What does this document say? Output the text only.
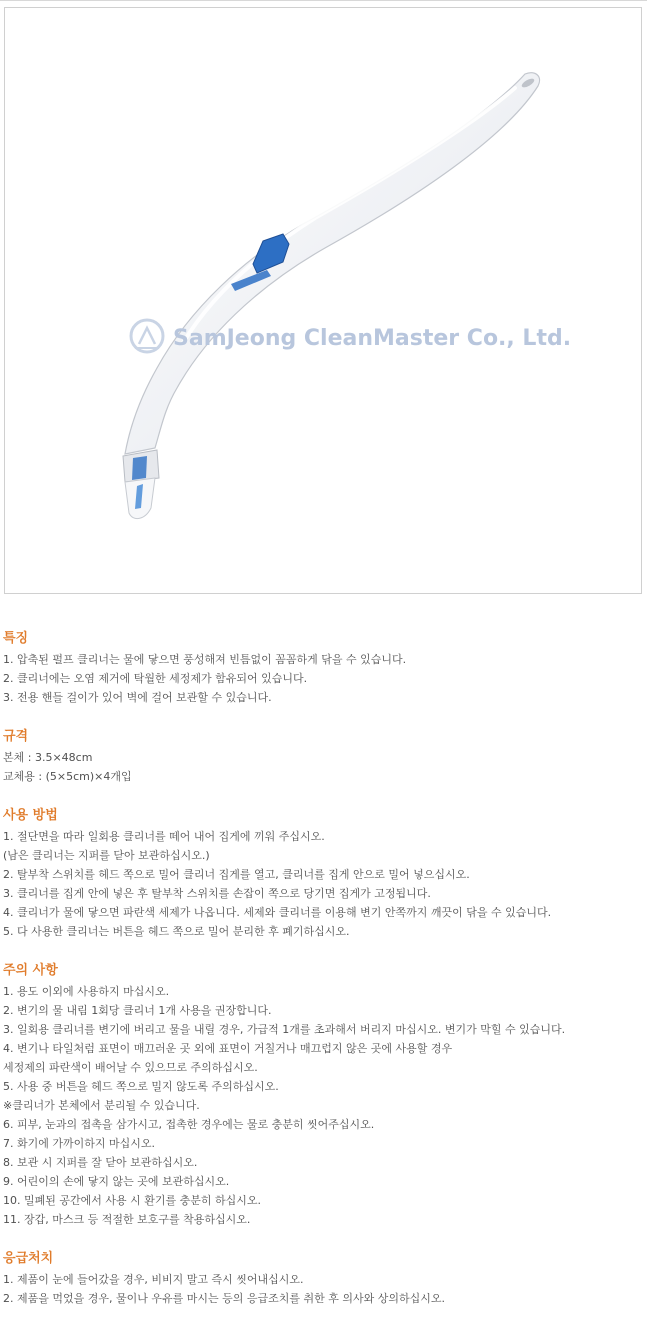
SamJeong CleanMaster Co., Ltd.
특징

1. 압축된 펄프 클리너는 물에 닿으면 풍성해져 빈틈없이 꼼꼼하게 닦을 수 있습니다.

2. 클리너에는 오염 제거에 탁월한 세정제가 함유되어 있습니다.

3. 전용 핸들 걸이가 있어 벽에 걸어 보관할 수 있습니다.

규격

본체 : 3.5×48cm

교체용 : (5×5cm)×4개입

사용 방법

1. 절단면을 따라 일회용 클리너를 떼어 내어 집게에 끼워 주십시오.

(남은 클리너는 지퍼를 닫아 보관하십시오.)

2. 탈부착 스위치를 헤드 쪽으로 밀어 클리너 집게를 열고, 클리너를 집게 안으로 밀어 넣으십시오.

3. 클리너를 집게 안에 넣은 후 탈부착 스위치를 손잡이 쪽으로 당기면 집게가 고정됩니다.

4. 클리너가 물에 닿으면 파란색 세제가 나옵니다. 세제와 클리너를 이용해 변기 안쪽까지 깨끗이 닦을 수 있습니다.

5. 다 사용한 클리너는 버튼을 헤드 쪽으로 밀어 분리한 후 폐기하십시오.

주의 사항

1. 용도 이외에 사용하지 마십시오.

2. 변기의 물 내림 1회당 클리너 1개 사용을 권장합니다.

3. 일회용 클리너를 변기에 버리고 물을 내릴 경우, 가급적 1개를 초과해서 버리지 마십시오. 변기가 막힐 수 있습니다.

4. 변기나 타일처럼 표면이 매끄러운 곳 외에 표면이 거칠거나 매끄럽지 않은 곳에 사용할 경우

세정제의 파란색이 배어날 수 있으므로 주의하십시오.

5. 사용 중 버튼을 헤드 쪽으로 밀지 않도록 주의하십시오.

※클리너가 본체에서 분리될 수 있습니다.

6. 피부, 눈과의 접촉을 삼가시고, 접촉한 경우에는 물로 충분히 씻어주십시오.

7. 화기에 가까이하지 마십시오.

8. 보관 시 지퍼를 잘 닫아 보관하십시오.

9. 어린이의 손에 닿지 않는 곳에 보관하십시오.

10. 밀폐된 공간에서 사용 시 환기를 충분히 하십시오.

11. 장갑, 마스크 등 적절한 보호구를 착용하십시오.

응급처치

1. 제품이 눈에 들어갔을 경우, 비비지 말고 즉시 씻어내십시오.

2. 제품을 먹었을 경우, 물이나 우유를 마시는 등의 응급조치를 취한 후 의사와 상의하십시오.
